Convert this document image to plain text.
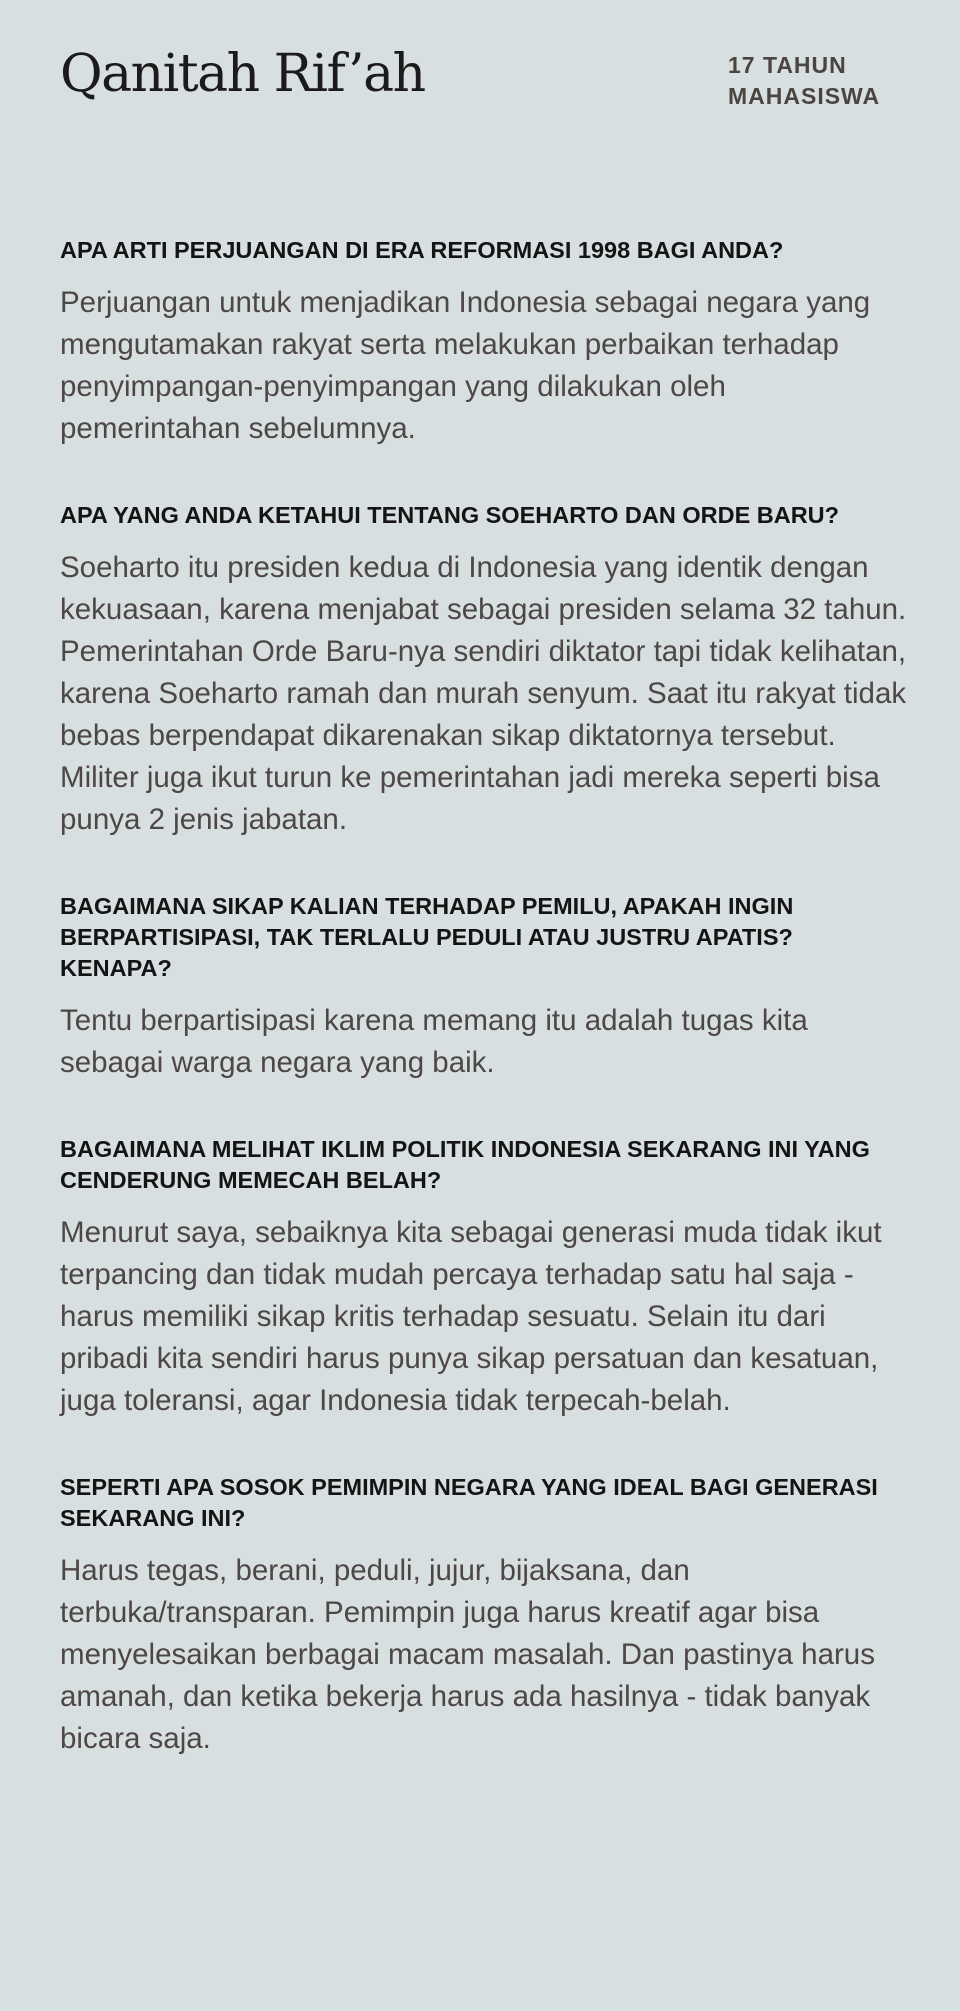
Qanitah Rif’ah	17 TAHUN
MAHASISWA
APA ARTI PERJUANGAN DI ERA REFORMASI 1998 BAGI ANDA?

Perjuangan untuk menjadikan Indonesia sebagai negara yang mengutamakan rakyat serta melakukan perbaikan terhadap penyimpangan-penyimpangan yang dilakukan oleh pemerintahan sebelumnya.

APA YANG ANDA KETAHUI TENTANG SOEHARTO DAN ORDE BARU?

Soeharto itu presiden kedua di Indonesia yang identik dengan kekuasaan, karena menjabat sebagai presiden selama 32 tahun. Pemerintahan Orde Baru-nya sendiri diktator tapi tidak kelihatan, karena Soeharto ramah dan murah senyum. Saat itu rakyat tidak bebas berpendapat dikarenakan sikap diktatornya tersebut. Militer juga ikut turun ke pemerintahan jadi mereka seperti bisa punya 2 jenis jabatan.

BAGAIMANA SIKAP KALIAN TERHADAP PEMILU, APAKAH INGIN BERPARTISIPASI, TAK TERLALU PEDULI ATAU JUSTRU APATIS? KENAPA?

Tentu berpartisipasi karena memang itu adalah tugas kita sebagai warga negara yang baik.

BAGAIMANA MELIHAT IKLIM POLITIK INDONESIA SEKARANG INI YANG CENDERUNG MEMECAH BELAH?

Menurut saya, sebaiknya kita sebagai generasi muda tidak ikut terpancing dan tidak mudah percaya terhadap satu hal saja - harus memiliki sikap kritis terhadap sesuatu. Selain itu dari pribadi kita sendiri harus punya sikap persatuan dan kesatuan, juga toleransi, agar Indonesia tidak terpecah-belah.

SEPERTI APA SOSOK PEMIMPIN NEGARA YANG IDEAL BAGI GENERASI SEKARANG INI?

Harus tegas, berani, peduli, jujur, bijaksana, dan terbuka/transparan. Pemimpin juga harus kreatif agar bisa menyelesaikan berbagai macam masalah. Dan pastinya harus amanah, dan ketika bekerja harus ada hasilnya - tidak banyak bicara saja.
